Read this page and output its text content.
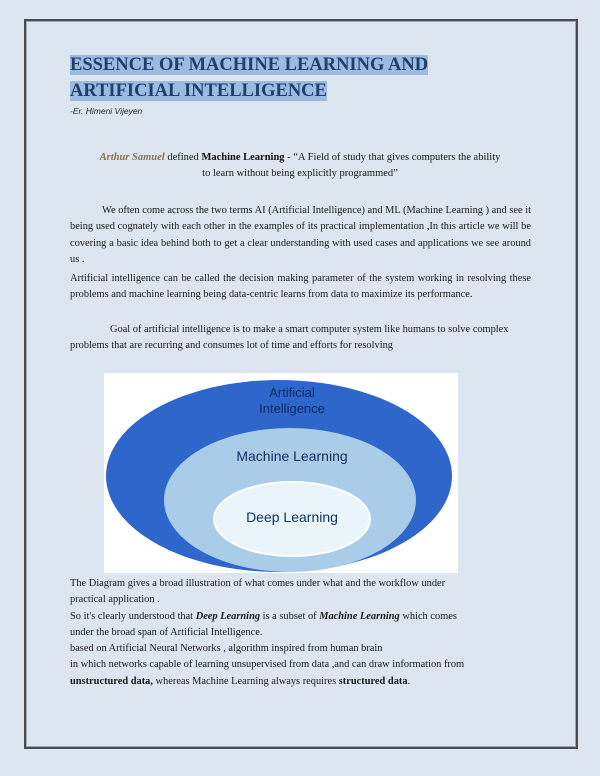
ESSENCE OF MACHINE LEARNING AND ARTIFICIAL INTELLIGENCE
-Er. Himeni Vijeyen
Arthur Samuel defined Machine Learning - “A Field of study that gives computers the ability
to learn without being explicitly programmed”
We often come across the two terms AI (Artificial Intelligence) and ML (Machine Learning ) and see it being used cognately with each other in the examples of its practical implementation ,In this article we will be covering a basic idea behind both to get a clear understanding with used cases and applications we see around us .
Artificial intelligence can be called the decision making parameter of the system working in resolving these problems and machine learning being data-centric learns from data to maximize its performance.
Goal of artificial intelligence is to make a smart computer system like humans to solve complex problems that are recurring and consumes lot of time and efforts for resolving
Artificial
Intelligence
Machine Learning
Deep Learning
The Diagram gives a broad illustration of what comes under what and the workflow under
practical application .
So it's clearly understood that Deep Learning is a subset of Machine Learning which comes
under the broad span of Artificial Intelligence.
based on Artificial Neural Networks , algorithm inspired from human brain
in which networks capable of learning unsupervised from data ,and can draw information from
unstructured data, whereas Machine Learning always requires structured data.
